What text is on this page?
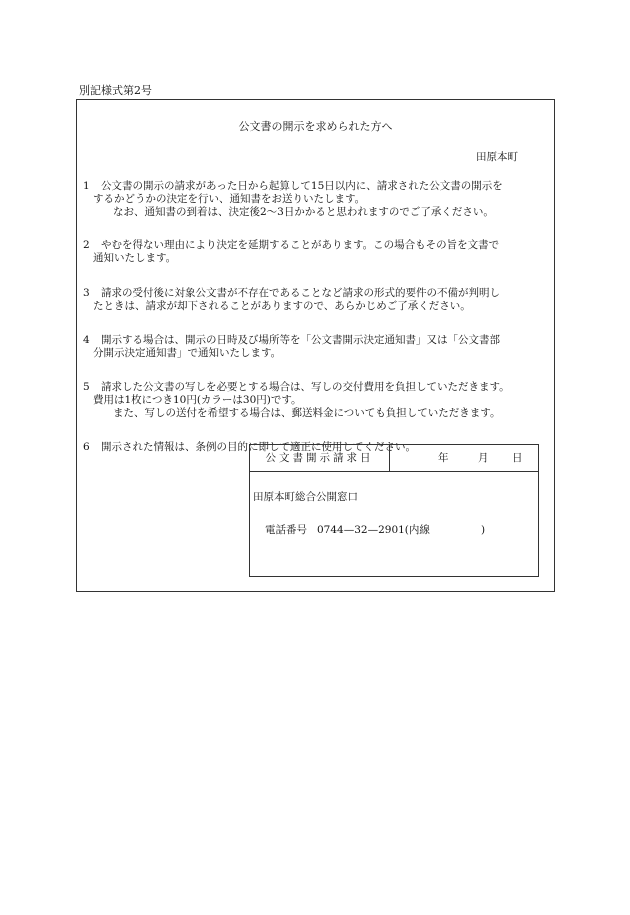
別記様式第2号
公文書の開示を求められた方へ
田原本町
1 公文書の開示の請求があった日から起算して15日以内に、請求された公文書の開示を
するかどうかの決定を行い、通知書をお送りいたします。
なお、通知書の到着は、決定後2〜3日かかると思われますのでご了承ください。
2 やむを得ない理由により決定を延期することがあります。この場合もその旨を文書で
通知いたします。
3 請求の受付後に対象公文書が不存在であることなど請求の形式的要件の不備が判明し
たときは、請求が却下されることがありますので、あらかじめご了承ください。
4 開示する場合は、開示の日時及び場所等を「公文書開示決定通知書」又は「公文書部
分開示決定通知書」で通知いたします。
5 請求した公文書の写しを必要とする場合は、写しの交付費用を負担していただきます。
費用は1枚につき10円(カラーは30円)です。
また、写しの送付を希望する場合は、郵送料金についても負担していただきます。
6 開示された情報は、条例の目的に即して適正に使用してください。
公文書開示請求日	年	月 日
田原本町総合公開窓口
電話番号 0744—32—2901(内線	)
